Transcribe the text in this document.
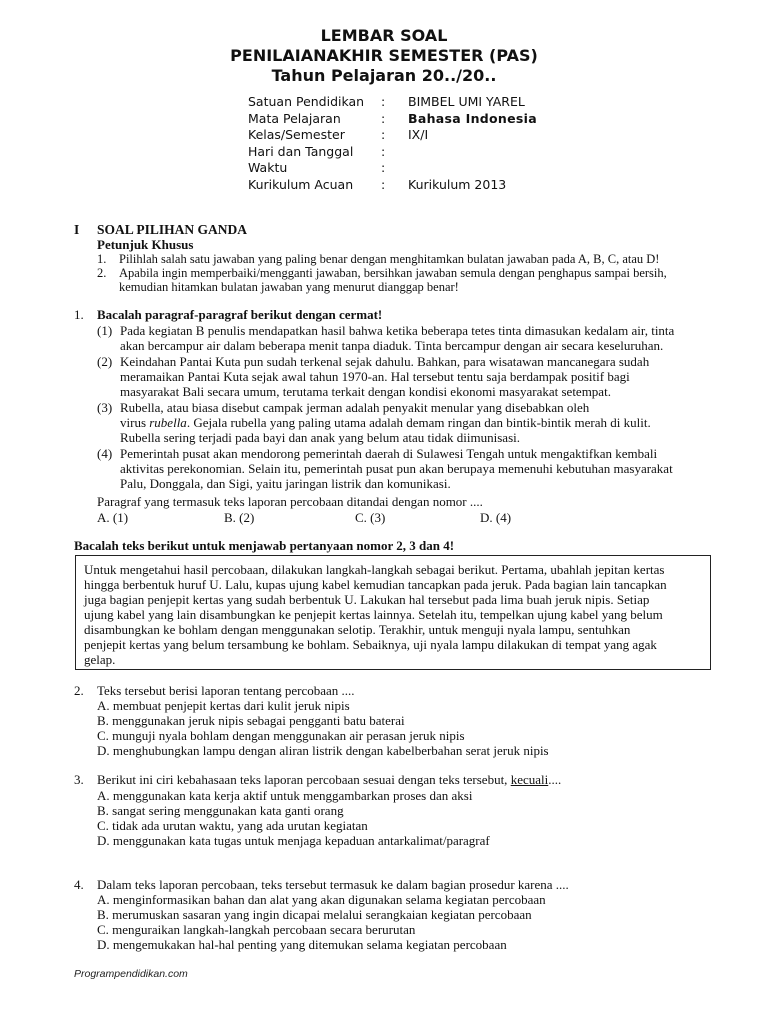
LEMBAR SOAL
PENILAIANAKHIR SEMESTER (PAS)
Tahun Pelajaran 20../20..
Satuan Pendidikan : BIMBEL UMI YAREL
Mata Pelajaran	: Bahasa Indonesia
Kelas/Semester	: IX/I
Hari dan Tanggal :
Waktu	:
Kurikulum Acuan : Kurikulum 2013
I SOAL PILIHAN GANDA
Petunjuk Khusus
1. Pilihlah salah satu jawaban yang paling benar dengan menghitamkan bulatan jawaban pada A, B, C, atau D!
2. Apabila ingin memperbaiki/mengganti jawaban, bersihkan jawaban semula dengan penghapus sampai bersih,
kemudian hitamkan bulatan jawaban yang menurut dianggap benar!
1. Bacalah paragraf-paragraf berikut dengan cermat!
(1) Pada kegiatan B penulis mendapatkan hasil bahwa ketika beberapa tetes tinta dimasukan kedalam air, tinta
akan bercampur air dalam beberapa menit tanpa diaduk. Tinta bercampur dengan air secara keseluruhan.
(2) Keindahan Pantai Kuta pun sudah terkenal sejak dahulu. Bahkan, para wisatawan mancanegara sudah
meramaikan Pantai Kuta sejak awal tahun 1970-an. Hal tersebut tentu saja berdampak positif bagi
masyarakat Bali secara umum, terutama terkait dengan kondisi ekonomi masyarakat setempat.
(3) Rubella, atau biasa disebut campak jerman adalah penyakit menular yang disebabkan oleh
virus rubella. Gejala rubella yang paling utama adalah demam ringan dan bintik-bintik merah di kulit.
Rubella sering terjadi pada bayi dan anak yang belum atau tidak diimunisasi.
(4) Pemerintah pusat akan mendorong pemerintah daerah di Sulawesi Tengah untuk mengaktifkan kembali
aktivitas perekonomian. Selain itu, pemerintah pusat pun akan berupaya memenuhi kebutuhan masyarakat
Palu, Donggala, dan Sigi, yaitu jaringan listrik dan komunikasi.
Paragraf yang termasuk teks laporan percobaan ditandai dengan nomor ....
A. (1)	B. (2)	C. (3)	D. (4)
Bacalah teks berikut untuk menjawab pertanyaan nomor 2, 3 dan 4!
Untuk mengetahui hasil percobaan, dilakukan langkah-langkah sebagai berikut. Pertama, ubahlah jepitan kertas
hingga berbentuk huruf U. Lalu, kupas ujung kabel kemudian tancapkan pada jeruk. Pada bagian lain tancapkan
juga bagian penjepit kertas yang sudah berbentuk U. Lakukan hal tersebut pada lima buah jeruk nipis. Setiap
ujung kabel yang lain disambungkan ke penjepit kertas lainnya. Setelah itu, tempelkan ujung kabel yang belum
disambungkan ke bohlam dengan menggunakan selotip. Terakhir, untuk menguji nyala lampu, sentuhkan
penjepit kertas yang belum tersambung ke bohlam. Sebaiknya, uji nyala lampu dilakukan di tempat yang agak
gelap.
2. Teks tersebut berisi laporan tentang percobaan ....
A. membuat penjepit kertas dari kulit jeruk nipis
B. menggunakan jeruk nipis sebagai pengganti batu baterai
C. munguji nyala bohlam dengan menggunakan air perasan jeruk nipis
D. menghubungkan lampu dengan aliran listrik dengan kabelberbahan serat jeruk nipis
3. Berikut ini ciri kebahasaan teks laporan percobaan sesuai dengan teks tersebut, kecuali....
A. menggunakan kata kerja aktif untuk menggambarkan proses dan aksi
B. sangat sering menggunakan kata ganti orang
C. tidak ada urutan waktu, yang ada urutan kegiatan
D. menggunakan kata tugas untuk menjaga kepaduan antarkalimat/paragraf
4. Dalam teks laporan percobaan, teks tersebut termasuk ke dalam bagian prosedur karena ....
A. menginformasikan bahan dan alat yang akan digunakan selama kegiatan percobaan
B. merumuskan sasaran yang ingin dicapai melalui serangkaian kegiatan percobaan
C. menguraikan langkah-langkah percobaan secara berurutan
D. mengemukakan hal-hal penting yang ditemukan selama kegiatan percobaan
Programpendidikan.com
